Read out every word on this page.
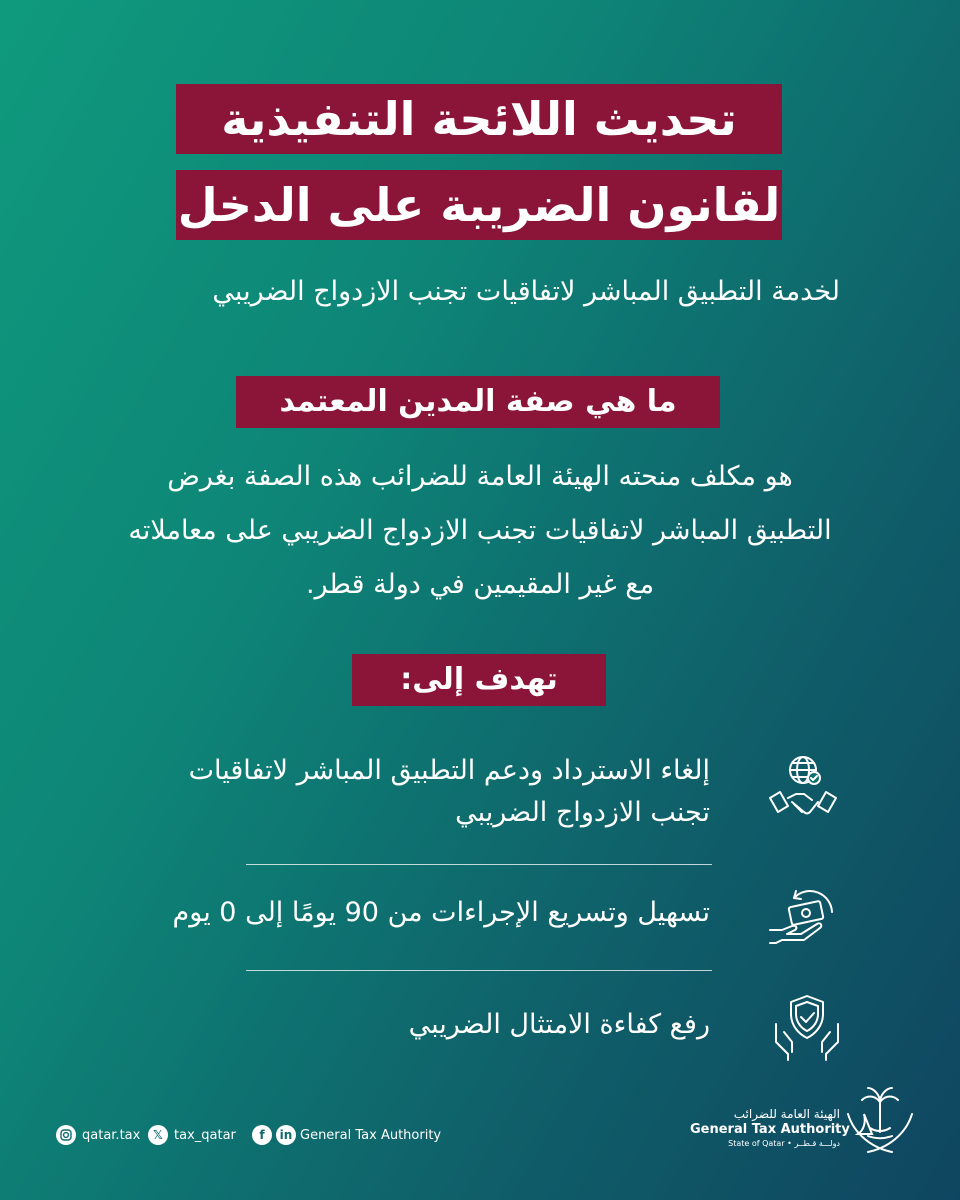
تحديث اللائحة التنفيذية
لقانون الضريبة على الدخل
لخدمة التطبيق المباشر لاتفاقيات تجنب الازدواج الضريبي
ما هي صفة المدين المعتمد
هو مكلف منحته الهيئة العامة للضرائب هذه الصفة بغرض
التطبيق المباشر لاتفاقيات تجنب الازدواج الضريبي على معاملاته
مع غير المقيمين في دولة قطر.
تهدف إلى:
إلغاء الاسترداد ودعم التطبيق المباشر لاتفاقيات
تجنب الازدواج الضريبي
تسهيل وتسريع الإجراءات من 90 يومًا إلى 0 يوم
رفع كفاءة الامتثال الضريبي
qatar.tax	𝕏 tax_qatar	f	in General Tax Authority
الهيئة العامة للضرائب
General Tax Authority
State of Qatar • دولـــة قـطــر
